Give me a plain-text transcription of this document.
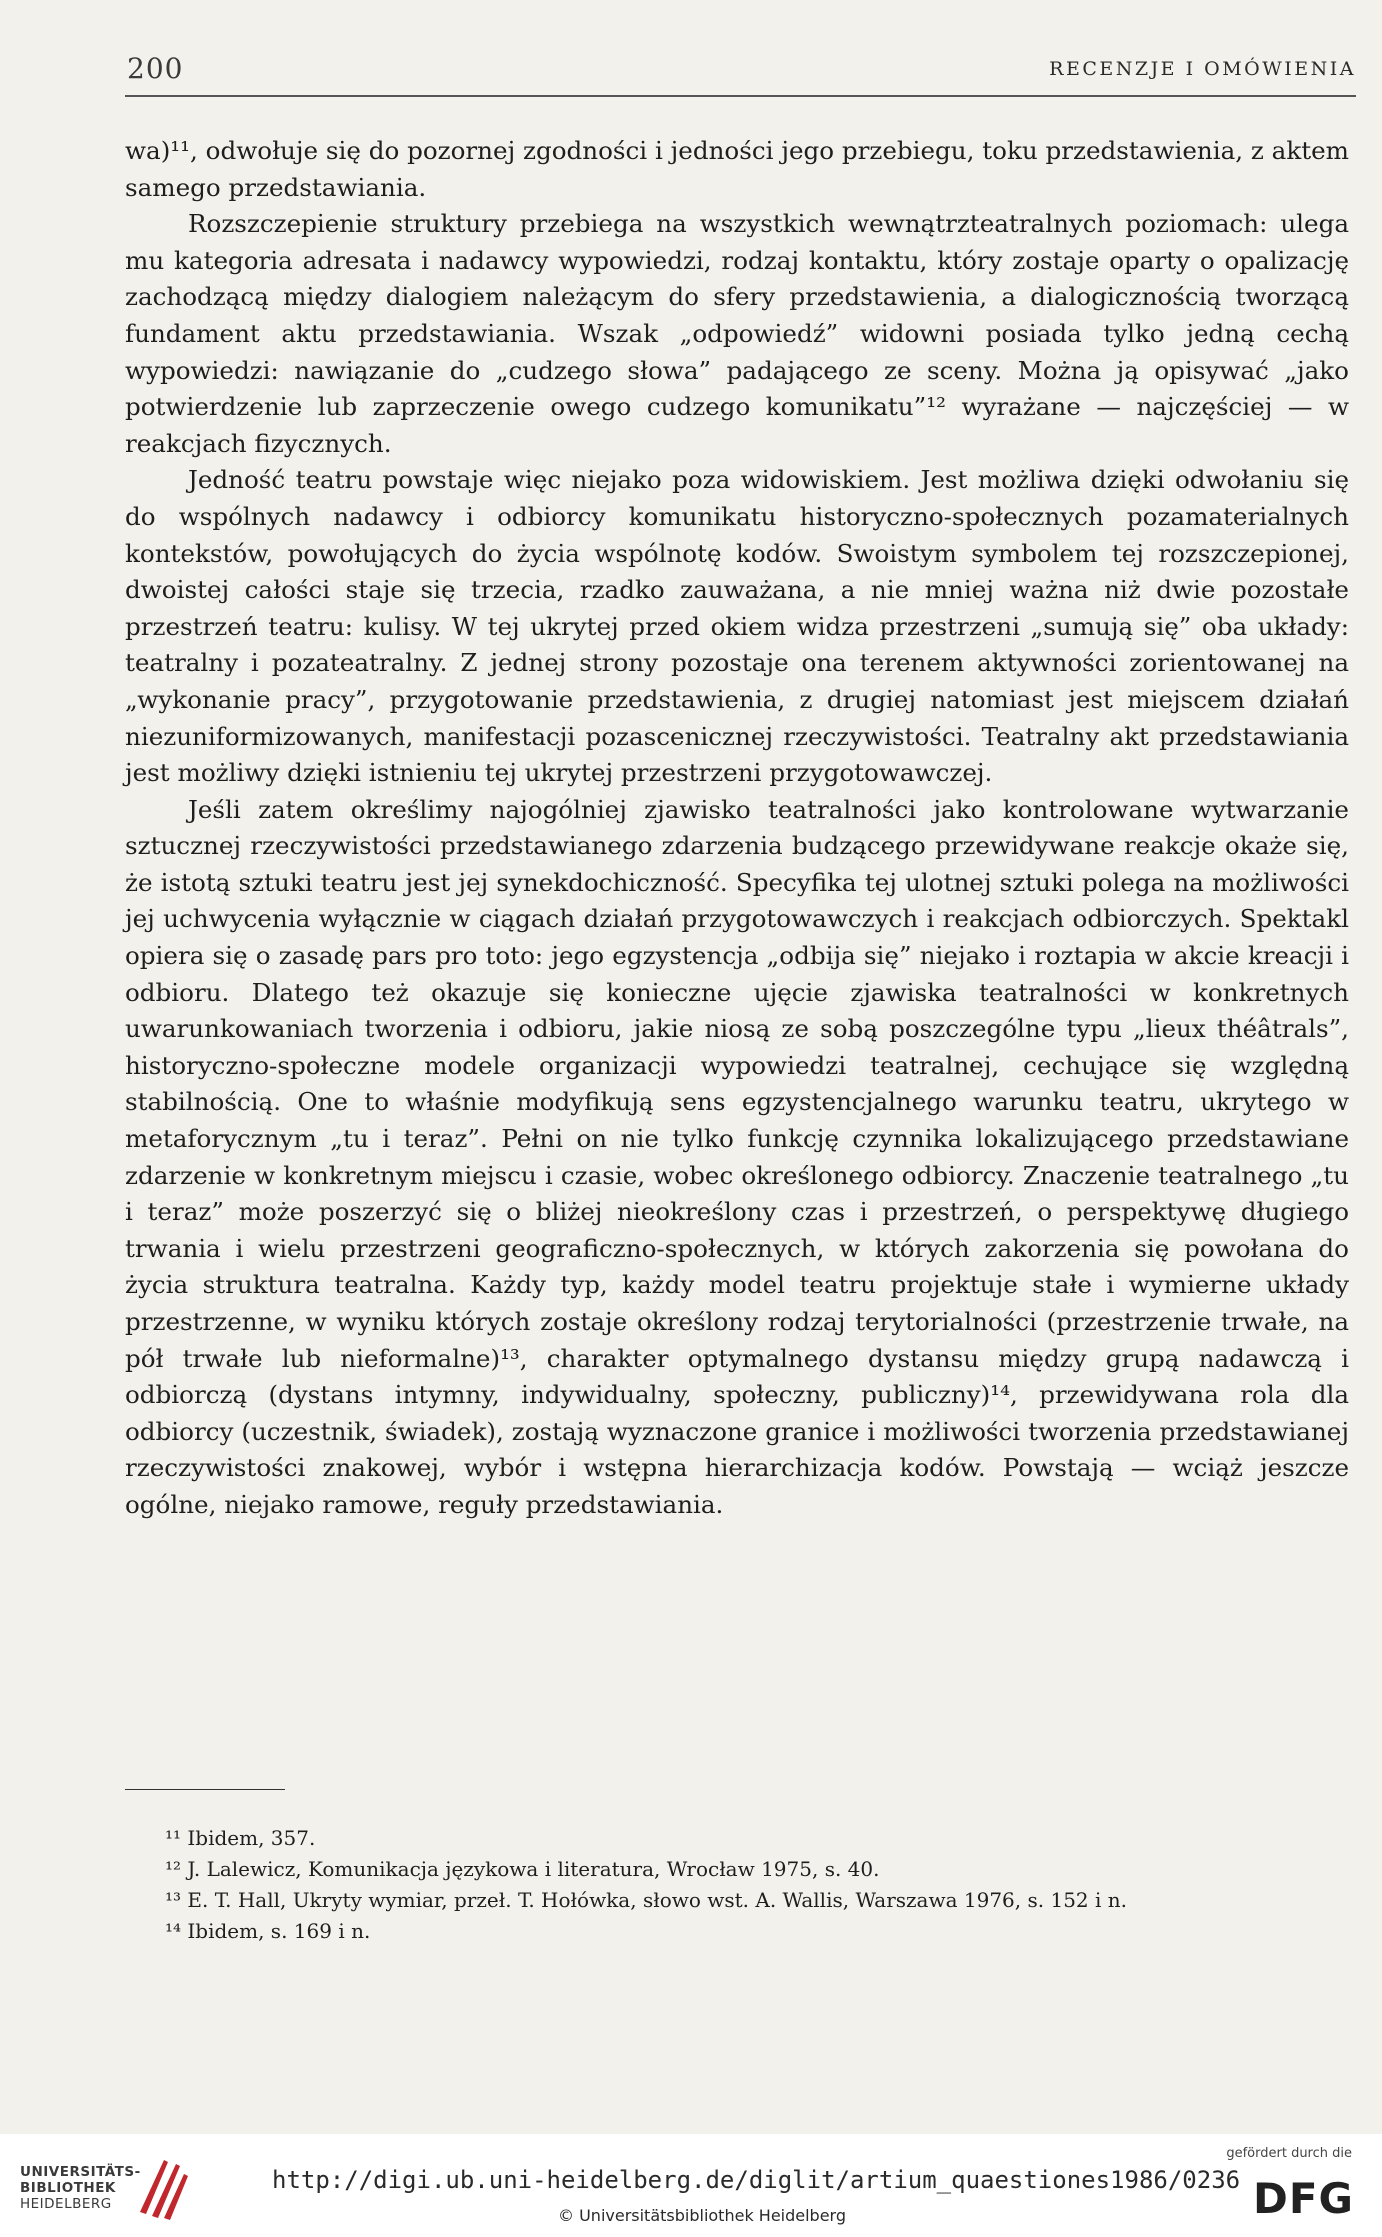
200	RECENZJE I OMÓWIENIA

wa)¹¹, odwołuje się do pozornej zgodności i jedności jego przebiegu, toku przedstawienia, z aktem samego przedstawiania.

Rozszczepienie struktury przebiega na wszystkich wewnątrzteatralnych poziomach: ulega mu kategoria adresata i nadawcy wypowiedzi, rodzaj kontaktu, który zostaje oparty o opalizację zachodzącą między dialogiem należącym do sfery przedstawienia, a dialogicznością tworzącą fundament aktu przedstawiania. Wszak „odpowiedź” widowni posiada tylko jedną cechą wypowiedzi: nawiązanie do „cudzego słowa” padającego ze sceny. Można ją opisywać „jako potwierdzenie lub zaprzeczenie owego cudzego komunikatu”¹² wyrażane — najczęściej — w reakcjach fizycznych.

Jedność teatru powstaje więc niejako poza widowiskiem. Jest możliwa dzięki odwołaniu się do wspólnych nadawcy i odbiorcy komunikatu historyczno-społecznych pozamaterialnych kontekstów, powołujących do życia wspólnotę kodów. Swoistym symbolem tej rozszczepionej, dwoistej całości staje się trzecia, rzadko zauważana, a nie mniej ważna niż dwie pozostałe przestrzeń teatru: kulisy. W tej ukrytej przed okiem widza przestrzeni „sumują się” oba układy: teatralny i pozateatralny. Z jednej strony pozostaje ona terenem aktywności zorientowanej na „wykonanie pracy”, przygotowanie przedstawienia, z drugiej natomiast jest miejscem działań niezuniformizowanych, manifestacji pozascenicznej rzeczywistości. Teatralny akt przedstawiania jest możliwy dzięki istnieniu tej ukrytej przestrzeni przygotowawczej.

Jeśli zatem określimy najogólniej zjawisko teatralności jako kontrolowane wytwarzanie sztucznej rzeczywistości przedstawianego zdarzenia budzącego przewidywane reakcje okaże się, że istotą sztuki teatru jest jej synekdochiczność. Specyfika tej ulotnej sztuki polega na możliwości jej uchwycenia wyłącznie w ciągach działań przygotowawczych i reakcjach odbiorczych. Spektakl opiera się o zasadę pars pro toto: jego egzystencja „odbija się” niejako i roztapia w akcie kreacji i odbioru. Dlatego też okazuje się konieczne ujęcie zjawiska teatralności w konkretnych uwarunkowaniach tworzenia i odbioru, jakie niosą ze sobą poszczególne typu „lieux théâtrals”, historyczno-społeczne modele organizacji wypowiedzi teatralnej, cechujące się względną stabilnością. One to właśnie modyfikują sens egzystencjalnego warunku teatru, ukrytego w metaforycznym „tu i teraz”. Pełni on nie tylko funkcję czynnika lokalizującego przedstawiane zdarzenie w konkretnym miejscu i czasie, wobec określonego odbiorcy. Znaczenie teatralnego „tu i teraz” może poszerzyć się o bliżej nieokreślony czas i przestrzeń, o perspektywę długiego trwania i wielu przestrzeni geograficzno-społecznych, w których zakorzenia się powołana do życia struktura teatralna. Każdy typ, każdy model teatru projektuje stałe i wymierne układy przestrzenne, w wyniku których zostaje określony rodzaj terytorialności (przestrzenie trwałe, na pół trwałe lub nieformalne)¹³, charakter optymalnego dystansu między grupą nadawczą i odbiorczą (dystans intymny, indywidualny, społeczny, publiczny)¹⁴, przewidywana rola dla odbiorcy (uczestnik, świadek), zostają wyznaczone granice i możliwości tworzenia przedstawianej rzeczywistości znakowej, wybór i wstępna hierarchizacja kodów. Powstają — wciąż jeszcze ogólne, niejako ramowe, reguły przedstawiania.

¹¹ Ibidem, 357.

¹² J. Lalewicz, Komunikacja językowa i literatura, Wrocław 1975, s. 40.

¹³ E. T. Hall, Ukryty wymiar, przeł. T. Hołówka, słowo wst. A. Wallis, Warszawa 1976, s. 152 i n.

¹⁴ Ibidem, s. 169 i n.

UNIVERSITÄTS-
BIBLIOTHEK
HEIDELBERG
http://digi.ub.uni-heidelberg.de/diglit/artium_quaestiones1986/0236
© Universitätsbibliothek Heidelberg
gefördert durch die
DFG
